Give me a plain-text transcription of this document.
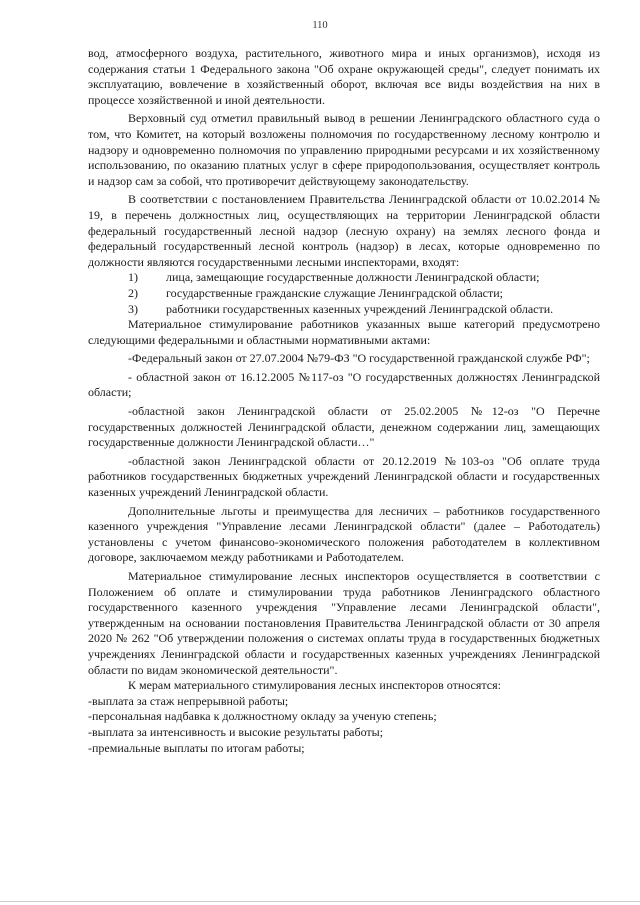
110

вод, атмосферного воздуха, растительного, животного мира и иных организмов), исходя из содержания статьи 1 Федерального закона "Об охране окружающей среды", следует понимать их эксплуатацию, вовлечение в хозяйственный оборот, включая все виды воздействия на них в процессе хозяйственной и иной деятельности.

Верховный суд отметил правильный вывод в решении Ленинградского областного суда о том, что Комитет, на который возложены полномочия по государственному лесному контролю и надзору и одновременно полномочия по управлению природными ресурсами и их хозяйственному использованию, по оказанию платных услуг в сфере природопользования, осуществляет контроль и надзор сам за собой, что противоречит действующему законодательству.

В соответствии с постановлением Правительства Ленинградской области от 10.02.2014 № 19, в перечень должностных лиц, осуществляющих на территории Ленинградской области федеральный государственный лесной надзор (лесную охрану) на землях лесного фонда и федеральный государственный лесной контроль (надзор) в лесах, которые одновременно по должности являются государственными лесными инспекторами, входят:

1)	лица, замещающие государственные должности Ленинградской области;
2)	государственные гражданские служащие Ленинградской области;
3)	работники государственных казенных учреждений Ленинградской области.

Материальное стимулирование работников указанных выше категорий предусмотрено следующими федеральными и областными нормативными актами:

-Федеральный закон от 27.07.2004 №79-ФЗ "О государственной гражданской службе РФ";

- областной закон от 16.12.2005 №117-оз "О государственных должностях Ленинградской области;

-областной закон Ленинградской области от 25.02.2005 №12-оз "О Перечне государственных должностей Ленинградской области, денежном содержании лиц, замещающих государственные должности Ленинградской области…"

-областной закон Ленинградской области от 20.12.2019 №103-оз "Об оплате труда работников государственных бюджетных учреждений Ленинградской области и государственных казенных учреждений Ленинградской области.

Дополнительные льготы и преимущества для лесничих – работников государственного казенного учреждения "Управление лесами Ленинградской области" (далее – Работодатель) установлены с учетом финансово-экономического положения работодателем в коллективном договоре, заключаемом между работниками и Работодателем.

Материальное стимулирование лесных инспекторов осуществляется в соответствии с Положением об оплате и стимулировании труда работников Ленинградского областного государственного казенного учреждения "Управление лесами Ленинградской области", утвержденным на основании постановления Правительства Ленинградской области от 30 апреля 2020 № 262 "Об утверждении положения о системах оплаты труда в государственных бюджетных учреждениях Ленинградской области и государственных казенных учреждениях Ленинградской области по видам экономической деятельности".

К мерам материального стимулирования лесных инспекторов относятся:

-выплата за стаж непрерывной работы;

-персональная надбавка к должностному окладу за ученую степень;

-выплата за интенсивность и высокие результаты работы;

-премиальные выплаты по итогам работы;
